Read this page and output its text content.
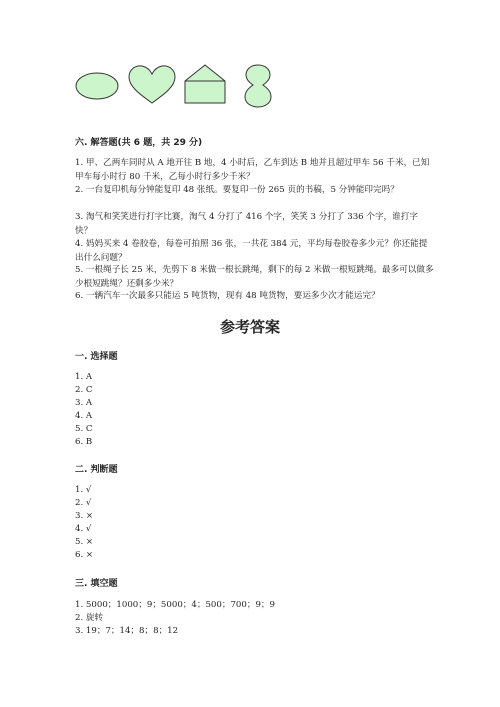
六. 解答题(共 6 题，共 29 分)
1. 甲、乙两车同时从 A 地开往 B 地，4 小时后，乙车到达 B 地并且超过甲车 56 千米，已知甲车每小时行 80 千米，乙每小时行多少千米？
2. 一台复印机每分钟能复印 48 张纸。要复印一份 265 页的书稿，5 分钟能印完吗？
3. 淘气和笑笑进行打字比赛，淘气 4 分打了 416 个字，笑笑 3 分打了 336 个字，谁打字快？
4. 妈妈买来 4 卷胶卷，每卷可拍照 36 张，一共花 384 元，平均每卷胶卷多少元？你还能提出什么问题？
5. 一根绳子长 25 米，先剪下 8 米做一根长跳绳，剩下的每 2 米做一根短跳绳。最多可以做多少根短跳绳？还剩多少米？
6. 一辆汽车一次最多只能运 5 吨货物，现有 48 吨货物，要运多少次才能运完？
参考答案
一. 选择题
1. A
2. C
3. A
4. A
5. C
6. B
二. 判断题
1. √
2. √
3. ×
4. √
5. ×
6. ×
三. 填空题
1. 5000；1000；9；5000；4；500；700；9；9
2. 旋转
3. 19；7；14；8；8；12
